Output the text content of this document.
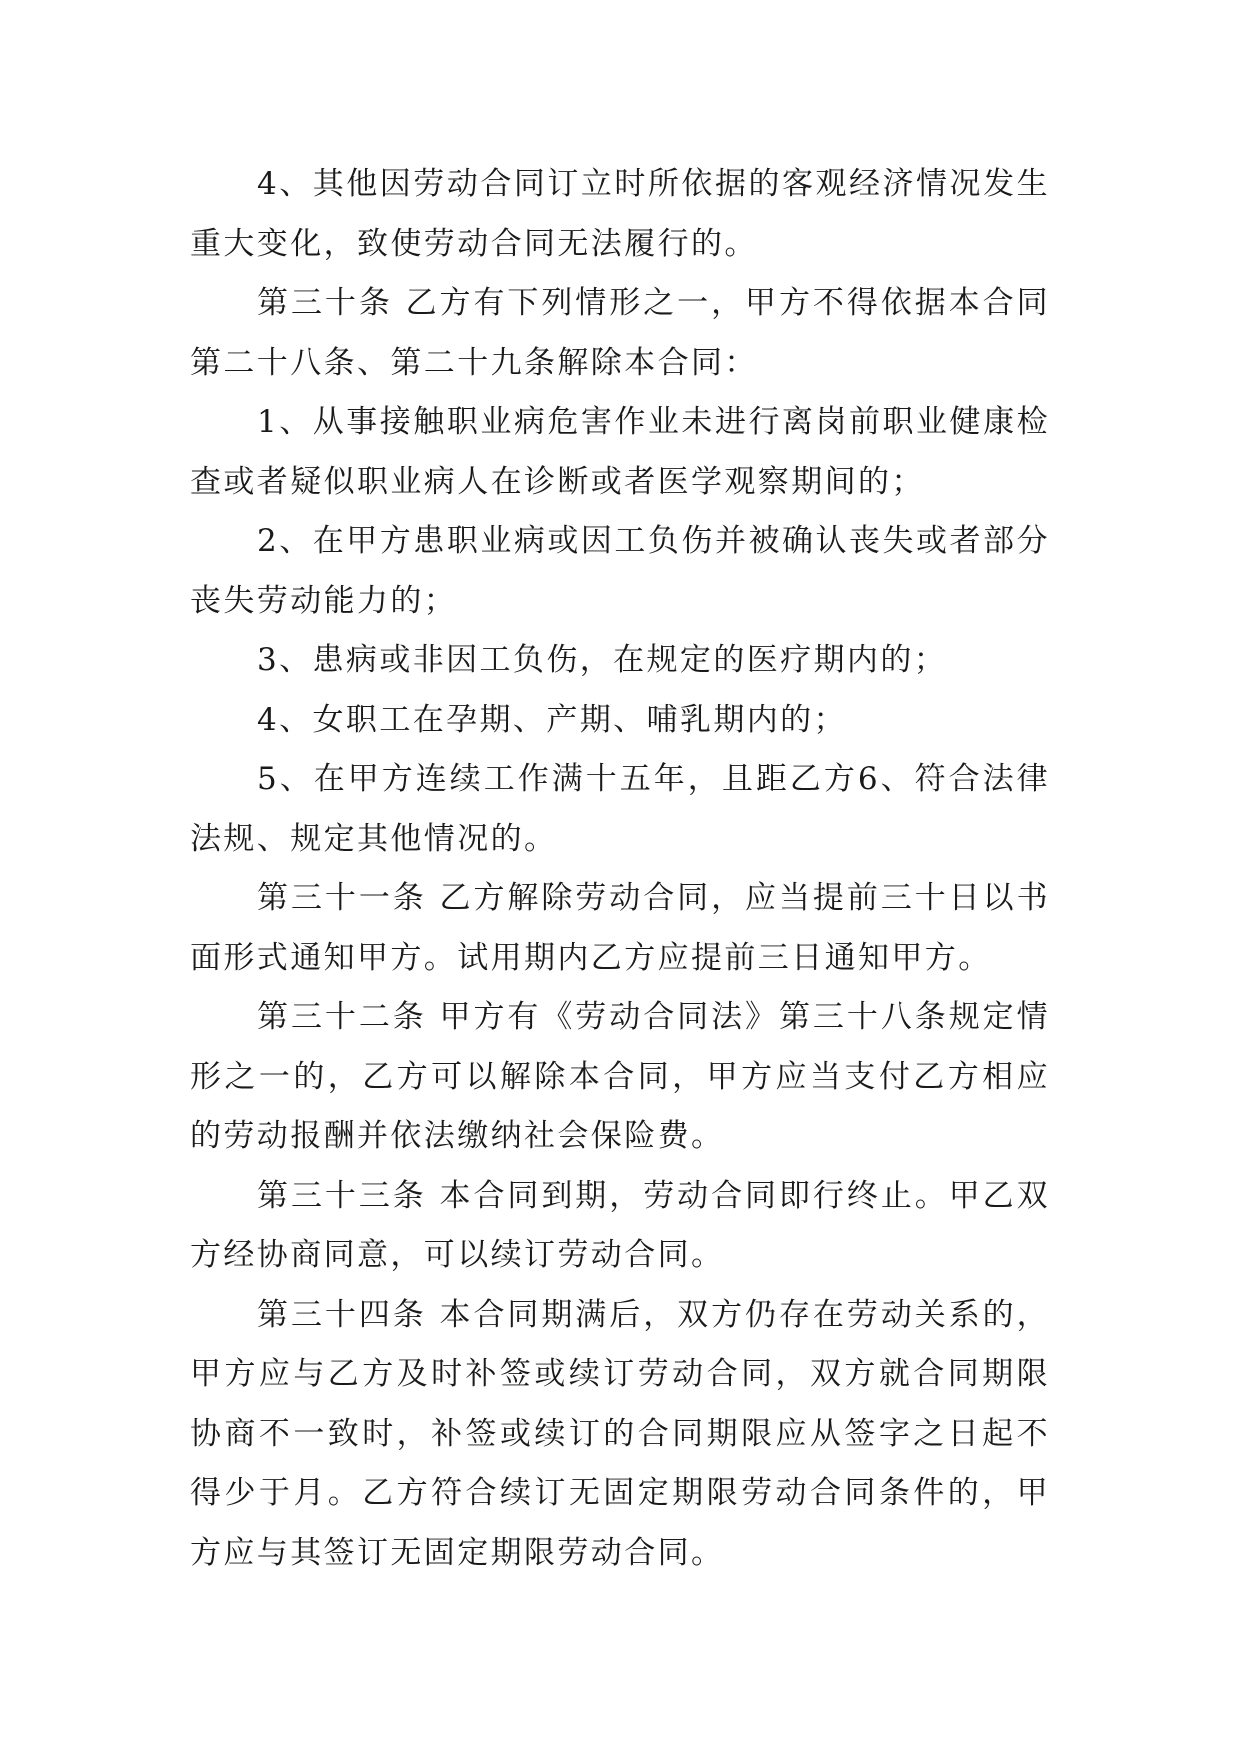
4、其他因劳动合同订立时所依据的客观经济情况发生重大变化，致使劳动合同无法履行的。

第三十条 乙方有下列情形之一，甲方不得依据本合同第二十八条、第二十九条解除本合同：

1、从事接触职业病危害作业未进行离岗前职业健康检查或者疑似职业病人在诊断或者医学观察期间的；

2、在甲方患职业病或因工负伤并被确认丧失或者部分丧失劳动能力的；

3、患病或非因工负伤，在规定的医疗期内的；

4、女职工在孕期、产期、哺乳期内的；

5、在甲方连续工作满十五年，且距乙方6、符合法律法规、规定其他情况的。

第三十一条 乙方解除劳动合同，应当提前三十日以书面形式通知甲方。试用期内乙方应提前三日通知甲方。

第三十二条 甲方有《劳动合同法》第三十八条规定情形之一的，乙方可以解除本合同，甲方应当支付乙方相应的劳动报酬并依法缴纳社会保险费。

第三十三条 本合同到期，劳动合同即行终止。甲乙双方经协商同意，可以续订劳动合同。

第三十四条 本合同期满后，双方仍存在劳动关系的，甲方应与乙方及时补签或续订劳动合同，双方就合同期限协商不一致时，补签或续订的合同期限应从签字之日起不得少于月。乙方符合续订无固定期限劳动合同条件的，甲方应与其签订无固定期限劳动合同。
